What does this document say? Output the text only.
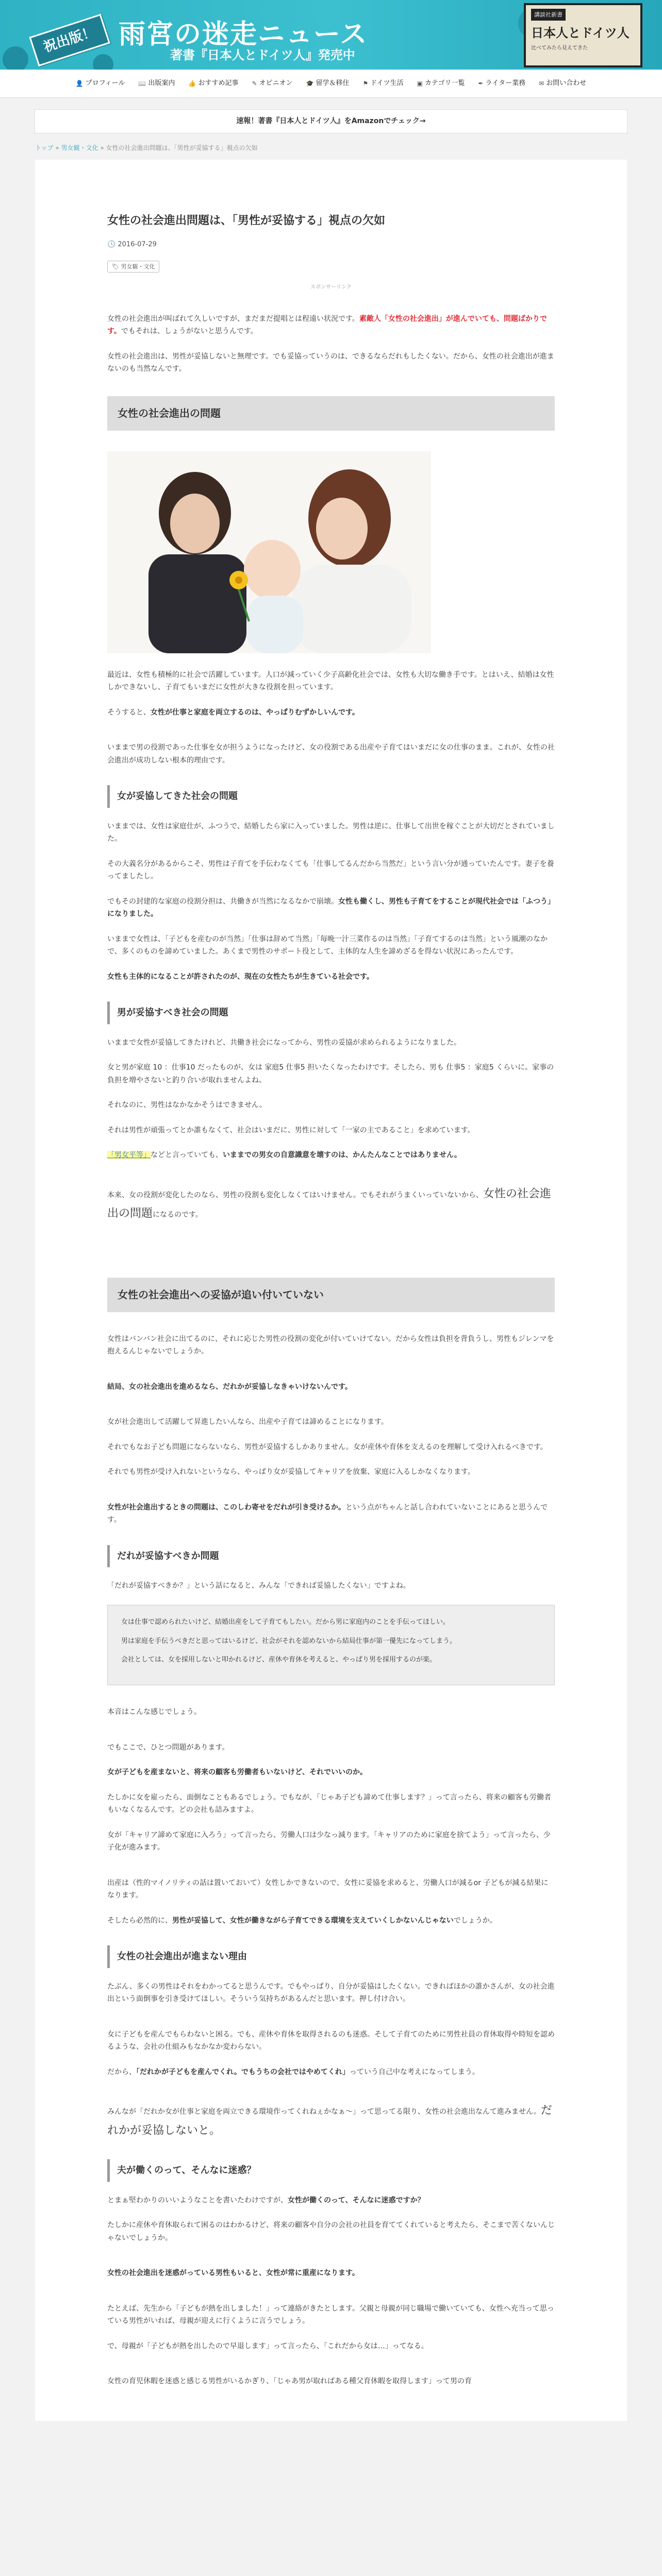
祝出版！ 雨宮の迷走ニュース
著書『日本人とドイツ人』発売中
講談社新書
日本人とドイツ人
比べてみたら見えてきた
👤 プロフィール 📖 出版案内 👍 おすすめ記事 ✎ オピニオン 🎓 留学＆移住 ⚑ ドイツ生活 ▣ カテゴリ一覧 ✒ ライター業務 ✉ お問い合わせ
速報！著書『日本人とドイツ人』をAmazonでチェック→
トップ » 男女観・文化 » 女性の社会進出問題は、「男性が妥協する」視点の欠如
女性の社会進出問題は、「男性が妥協する」視点の欠如
🕓 2016-07-29
🏷 男女観・文化
スポンサーリンク

女性の社会進出が叫ばれて久しいですが、まだまだ提唱とは程遠い状況です。素敵人「女性の社会進出」が進んでいても、問題ばかりです。でもそれは、しょうがないと思うんです。

女性の社会進出は、男性が妥協しないと無理です。でも妥協っていうのは、できるならだれもしたくない。だから、女性の社会進出が進まないのも当然なんです。

女性の社会進出の問題

最近は、女性も積極的に社会で活躍しています。人口が減っていく少子高齢化社会では、女性も大切な働き手です。とはいえ、結婚は女性しかできないし、子育てもいまだに女性が大きな役割を担っています。

そうすると、女性が仕事と家庭を両立するのは、やっぱりむずかしいんです。

いままで男の役割であった仕事を女が担うようになったけど、女の役割である出産や子育てはいまだに女の仕事のまま。これが、女性の社会進出が成功しない根本的理由です。

女が妥協してきた社会の問題

いままでは、女性は家庭仕が、ふつうで、結婚したら家に入っていました。男性は逆に、仕事して出世を稼ぐことが大切だとされていました。

その大義名分があるからこそ、男性は子育てを手伝わなくても「仕事してるんだから当然だ」という言い分が通っていたんです。妻子を養ってましたし。

でもその封建的な家庭の役割分担は、共働きが当然になるなかで崩壊。女性も働くし、男性も子育てをすることが現代社会では「ふつう」になりました。

いままで女性は、「子どもを産むのが当然」「仕事は辞めて当然」「毎晩一汁三菜作るのは当然」「子育てするのは当然」という風潮のなかで、多くのものを諦めていました。あくまで男性のサポート役として、主体的な人生を諦めざるを得ない状況にあったんです。

女性も主体的になることが許されたのが、現在の女性たちが生きている社会です。

男が妥協すべき社会の問題

いままで女性が妥協してきたけれど、共働き社会になってから、男性の妥協が求められるようになりました。

女と男が家庭 10 ：仕事10 だったものが、女は 家庭5 仕事5 担いたくなったわけです。そしたら、男も 仕事5 ：家庭5 くらいに。家事の負担を増やさないと釣り合いが取れませんよね。

それなのに、男性はなかなかそうはできません。

それは男性が頑張ってとか誰もなくて、社会はいまだに、男性に対して「一家の主であること」を求めています。

「男女平等」などと言っていても、いままでの男女の自意識意を壊すのは、かんたんなことではありません。

本来、女の役割が変化したのなら、男性の役割も変化しなくてはいけません。でもそれがうまくいっていないから、女性の社会進出の問題になるのです。

女性の社会進出への妥協が追い付いていない

女性はバンバン社会に出てるのに、それに応じた男性の役割の変化が付いていけてない。だから女性は負担を背負うし、男性もジレンマを抱えるんじゃないでしょうか。

結局、女の社会進出を進めるなら、だれかが妥協しなきゃいけないんです。

女が社会進出して活躍して昇進したいんなら、出産や子育ては諦めることになります。

それでもなお子ども問題にならないなら、男性が妥協するしかありません。女が産休や育休を支えるのを理解して受け入れるべきです。

それでも男性が受け入れないというなら、やっぱり女が妥協してキャリアを放棄、家庭に入るしかなくなります。

女性が社会進出するときの問題は、このしわ寄せをだれが引き受けるか。という点がちゃんと話し合われていないことにあると思うんです。

だれが妥協すべきか問題

「だれが妥協すべきか？」という話になると、みんな「できれば妥協したくない」ですよね。

女は仕事で認められたいけど、結婚出産をして子育てもしたい。だから男に家庭内のことを手伝ってほしい。

男は家庭を手伝うべきだと思ってはいるけど、社会がそれを認めないから結局仕事が第一優先になってしまう。

会社としては、女を採用しないと叩かれるけど、産休や育休を考えると、やっぱり男を採用するのが楽。

本音はこんな感じでしょう。

でもここで、ひとつ問題があります。

女が子どもを産まないと、将来の顧客も労働者もいないけど、それでいいのか。

たしかに女を雇ったら、面倒なこともあるでしょう。でもなが、「じゃあ子ども諦めて仕事します？」って言ったら、将来の顧客も労働者もいなくなるんです。どの会社も詰みますよ。

女が「キャリア諦めて家庭に入ろう」って言ったら、労働人口は少なっ減ります。「キャリアのために家庭を捨てよう」って言ったら、少子化が進みます。

出産は（性的マイノリティの話は置いておいて）女性しかできないので、女性に妥協を求めると、労働人口が減るor 子どもが減る結果になります。

そしたら必然的に、男性が妥協して、女性が働きながら子育てできる環境を支えていくしかないんじゃないでしょうか。

女性の社会進出が進まない理由

たぶん、多くの男性はそれをわかってると思うんです。でもやっぱり、自分が妥協はしたくない。できればほかの誰かさんが、女の社会進出という面倒事を引き受けてほしい。そういう気持ちがあるんだと思います。押し付け合い。

女に子どもを産んでもらわないと困る。でも、産休や育休を取得されるのも迷惑。そして子育てのために男性社員の育休取得や時短を認めるような、会社の仕組みもなかなか変わらない。

だから、「だれかが子どもを産んでくれ。でもうちの会社ではやめてくれ」っていう自己中な考えになってしまう。

みんなが「だれか女が仕事と家庭を両立できる環境作ってくれねぇかなぁ～」って思ってる限り、女性の社会進出なんて進みません。だれかが妥協しないと。

夫が働くのって、そんなに迷惑？

とまぁ堅わかりのいいようなことを書いたわけですが、女性が働くのって、そんなに迷惑ですか？

たしかに産休や育休取られて困るのはわかるけど、将来の顧客や自分の会社の社員を育ててくれていると考えたら、そこまで苦くないんじゃないでしょうか。

女性の社会進出を迷惑がっている男性もいると、女性が常に重産になります。

たとえば、先生から「子どもが熱を出しました！」って連絡がきたとします。父親と母親が同じ職場で働いていても、女性へ充当って思っている男性がいれば、母親が迎えに行くように言うでしょう。

で、母親が「子どもが熱を出したので早退します」って言ったら、「これだから女は…」ってなる。

女性の育児休暇を迷惑と感じる男性がいるかぎり、「じゃあ男が取ればある種父育休暇を取得します」って男の育
